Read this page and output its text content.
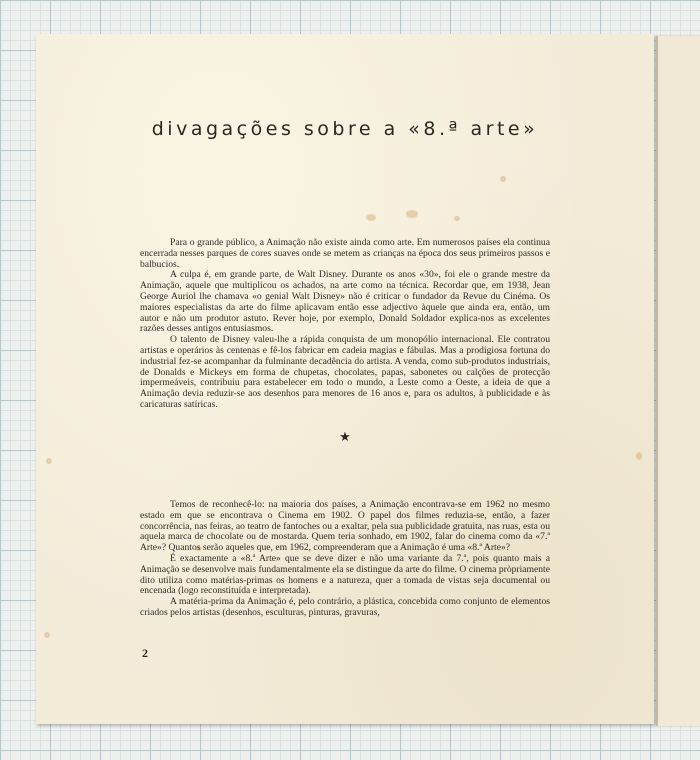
divagações sobre a «8.ª arte»

Para o grande público, a Animação não existe ainda como arte. Em numerosos países ela continua encerrada nesses parques de cores suaves onde se metem as crianças na época dos seus primeiros passos e balbucios.

A culpa é, em grande parte, de Walt Disney. Durante os anos «30», foi ele o grande mestre da Animação, aquele que multiplicou os achados, na arte como na técnica. Recordar que, em 1938, Jean George Auriol lhe chamava «o genial Walt Disney» não é criticar o fundador da Revue du Cinéma. Os maiores especialistas da arte do filme aplicavam então esse adjectivo àquele que ainda era, então, um autor e não um produtor astuto. Rever hoje, por exemplo, Donald Soldador explica-nos as excelentes razões desses antigos entusiasmos.

O talento de Disney valeu-lhe a rápida conquista de um monopólio internacional. Ele contratou artistas e operários às centenas e fê-los fabricar em cadeia magias e fábulas. Mas a prodigiosa fortuna do industrial fez-se acompanhar da fulminante decadência do artista. A venda, como sub-produtos industriais, de Donalds e Mickeys em forma de chupetas, chocolates, papas, sabonetes ou calções de protecção impermeáveis, contribuiu para estabelecer em todo o mundo, a Leste como a Oeste, a ideia de que a Animação devia reduzir-se aos desenhos para menores de 16 anos e, para os adultos, à publicidade e às caricaturas satíricas.

★

Temos de reconhecê-lo: na maioria dos países, a Animação encontrava-se em 1962 no mesmo estado em que se encontrava o Cinema em 1902. O papel dos filmes reduzia-se, então, a fazer concorrência, nas feiras, ao teatro de fantoches ou a exaltar, pela sua publicidade gratuita, nas ruas, esta ou aquela marca de chocolate ou de mostarda. Quem teria sonhado, em 1902, falar do cinema como da «7.ª Arte»? Quantos serão aqueles que, em 1962, compreenderam que a Animação é uma «8.ª Arte»?

É exactamente a «8.ª Arte» que se deve dizer e não uma variante da 7.ª, pois quanto mais a Animação se desenvolve mais fundamentalmente ela se distingue da arte do filme. O cinema pròpriamente dito utiliza como matérias-primas os homens e a natureza, quer a tomada de vistas seja documental ou encenada (logo reconstituída e interpretada).

A matéria-prima da Animação é, pelo contrário, a plástica, concebida como conjunto de elementos criados pelos artistas (desenhos, esculturas, pinturas, gravuras,

2
